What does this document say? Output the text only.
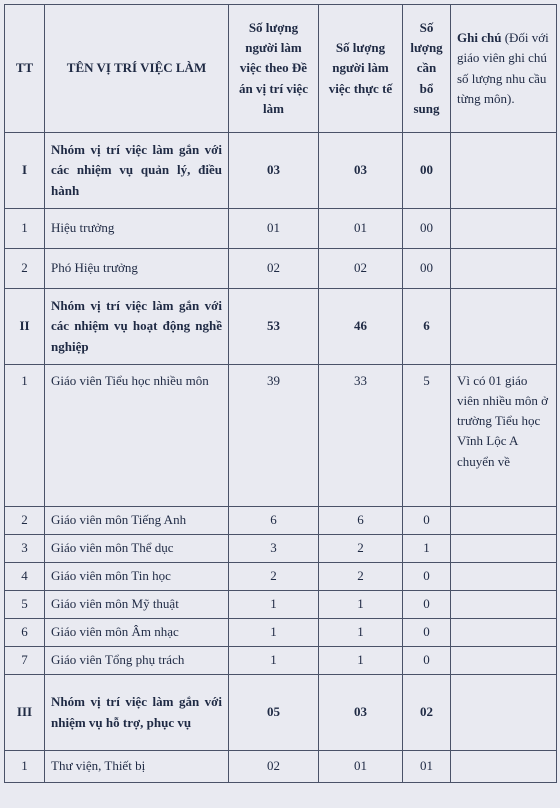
TT	TÊN VỊ TRÍ VIỆC LÀM	Số lượng người làm việc theo Đề án vị trí việc làm	Số lượng người làm việc thực tế	Số lượng cần bổ sung	Ghi chú (Đối với giáo viên ghi chú số lượng nhu cầu từng môn).
I	Nhóm vị trí việc làm gắn với các nhiệm vụ quản lý, điều hành	03	03	00	
1	Hiệu trưởng	01	01	00	
2	Phó Hiệu trưởng	02	02	00	
II	Nhóm vị trí việc làm gắn với các nhiệm vụ hoạt động nghề nghiệp	53	46	6	
1	Giáo viên Tiểu học nhiều môn	39	33	5	Vì có 01 giáo viên nhiều môn ở trường Tiểu học Vĩnh Lộc A chuyển về
2	Giáo viên môn Tiếng Anh	6	6	0	
3	Giáo viên môn Thể dục	3	2	1	
4	Giáo viên môn Tin học	2	2	0	
5	Giáo viên môn Mỹ thuật	1	1	0	
6	Giáo viên môn Âm nhạc	1	1	0	
7	Giáo viên Tổng phụ trách	1	1	0	
III	Nhóm vị trí việc làm gắn với nhiệm vụ hỗ trợ, phục vụ	05	03	02	
1	Thư viện, Thiết bị	02	01	01	
